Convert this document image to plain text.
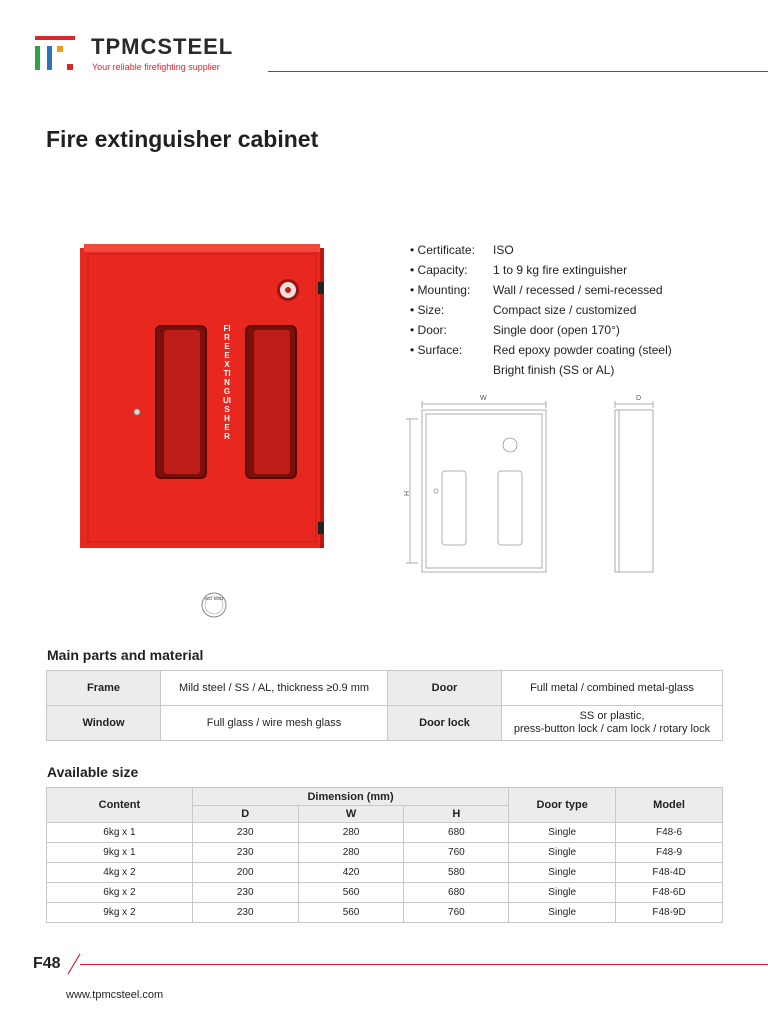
TPMCSTEEL
Your reliable firefighting supplier
Fire extinguisher cabinet
FIRE EXTINGUISHER
ISO 9001
• Certificate:	ISO
• Capacity:	1 to 9 kg fire extinguisher
• Mounting:	Wall / recessed / semi-recessed
• Size:	Compact size / customized
• Door:	Single door (open 170°)
• Surface:	Red epoxy powder coating (steel)
Bright finish (SS or AL)
W
H
D
Main parts and material
Frame	Mild steel / SS / AL, thickness ≥0.9 mm	Door	Full metal / combined metal-glass
Window	Full glass / wire mesh glass	Door lock	SS or plastic,
press-button lock / cam lock / rotary lock
Available size
Content	Dimension (mm)			Door type	Model
	D	W	H		
6kg x 1	230	280	680	Single	F48-6
9kg x 1	230	280	760	Single	F48-9
4kg x 2	200	420	580	Single	F48-4D
6kg x 2	230	560	680	Single	F48-6D
9kg x 2	230	560	760	Single	F48-9D
F48
www.tpmcsteel.com
